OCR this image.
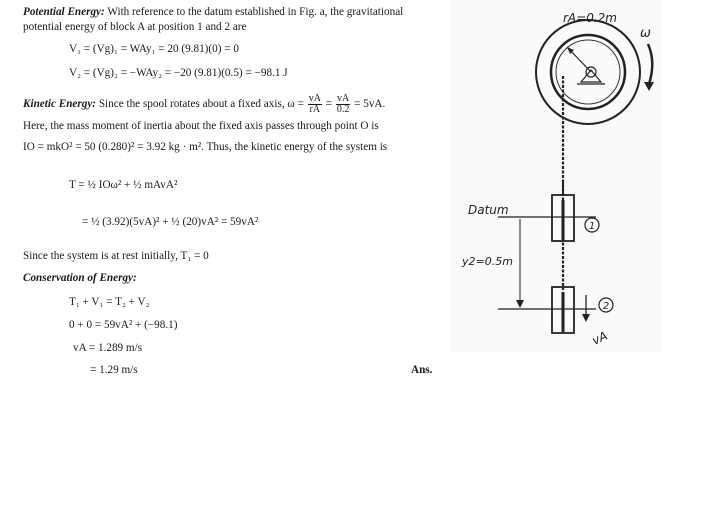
Potential Energy: With reference to the datum established in Fig. a, the gravitational
potential energy of block A at position 1 and 2 are
V₁ = (Vg)₁ = WAy₁ = 20 (9.81)(0) = 0
V₂ = (Vg)₂ = −WAy₂ = −20 (9.81)(0.5) = −98.1 J
Kinetic Energy: Since the spool rotates about a fixed axis, $\omega = \frac{vA}{rA} = \frac{vA}{0.2} = 5vA$.
Here, the mass moment of inertia about the fixed axis passes through point O is
IO = mkO² = 50 (0.280)² = 3.92 kg · m². Thus, the kinetic energy of the system is
T = ½ IOω² + ½ mAvA²
= ½ (3.92)(5vA)² + ½ (20)vA² = 59vA²
Since the system is at rest initially, T₁ = 0
Conservation of Energy:
T₁ + V₁ = T₂ + V₂
0 + 0 = 59vA² + (−98.1)
vA = 1.289 m/s
= 1.29 m/s	Ans.
rA=0.2m
ω
Datum
1
y2=0.5m
2
vA
